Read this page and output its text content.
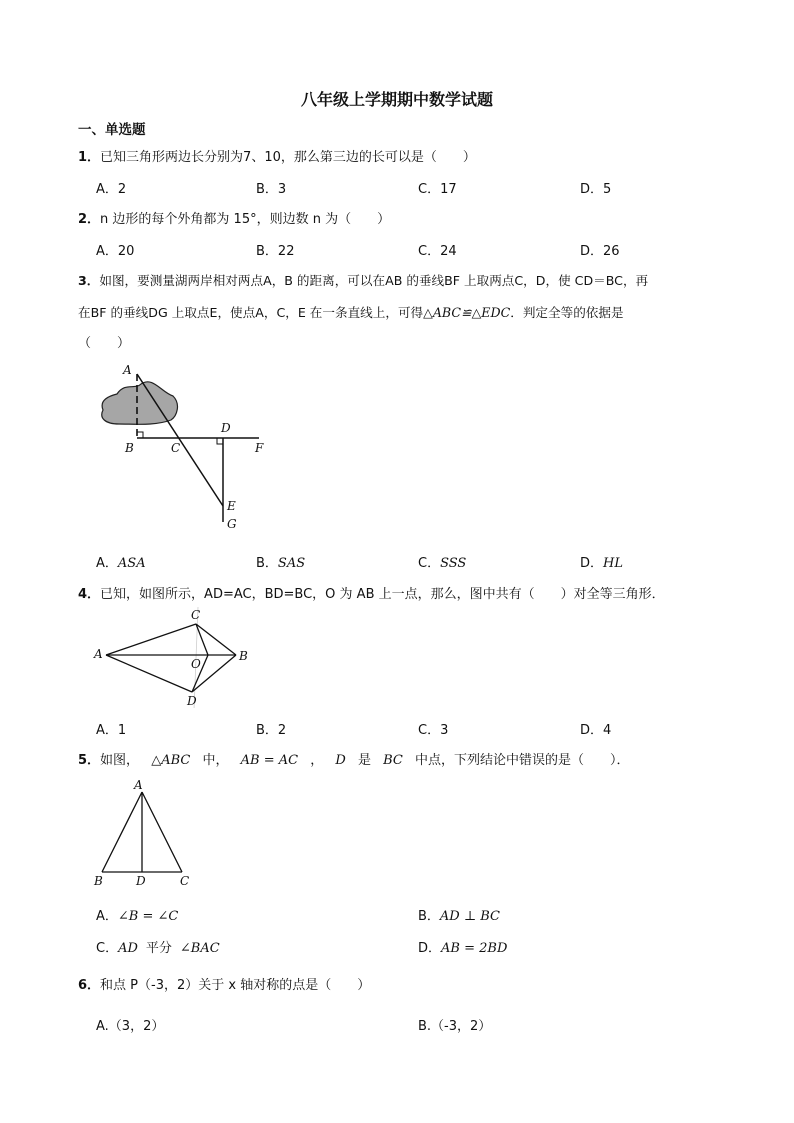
八年级上学期期中数学试题
一、单选题
1．已知三角形两边长分别为7、10，那么第三边的长可以是（　　）
A．2	B．3	C．17	D．5
2．n 边形的每个外角都为 15°，则边数 n 为（　　）
A．20	B．22	C．24	D．26
3．如图，要测量湖两岸相对两点A，B 的距离，可以在AB 的垂线BF 上取两点C，D，使 CD＝BC，再
在BF 的垂线DG 上取点E，使点A，C，E 在一条直线上，可得△ABC≌△EDC．判定全等的依据是
（　　）
A
B	C
D
F
E
G
A．ASA	B．SAS	C．SSS	D．HL
4．已知，如图所示，AD=AC，BD=BC，O 为 AB 上一点，那么，图中共有（　　）对全等三角形．
A	B
C
D
O
A．1	B．2	C．3	D．4
5．如图， △ABC 中， AB = AC ， D 是 BC 中点，下列结论中错误的是（　　）．
A
B	D	C
A．∠B = ∠C	B．AD ⊥ BC
C．AD 平分 ∠BAC	D．AB = 2BD
6．和点 P（-3，2）关于 x 轴对称的点是（　　）
A.（3，2）	B.（-3，2）
